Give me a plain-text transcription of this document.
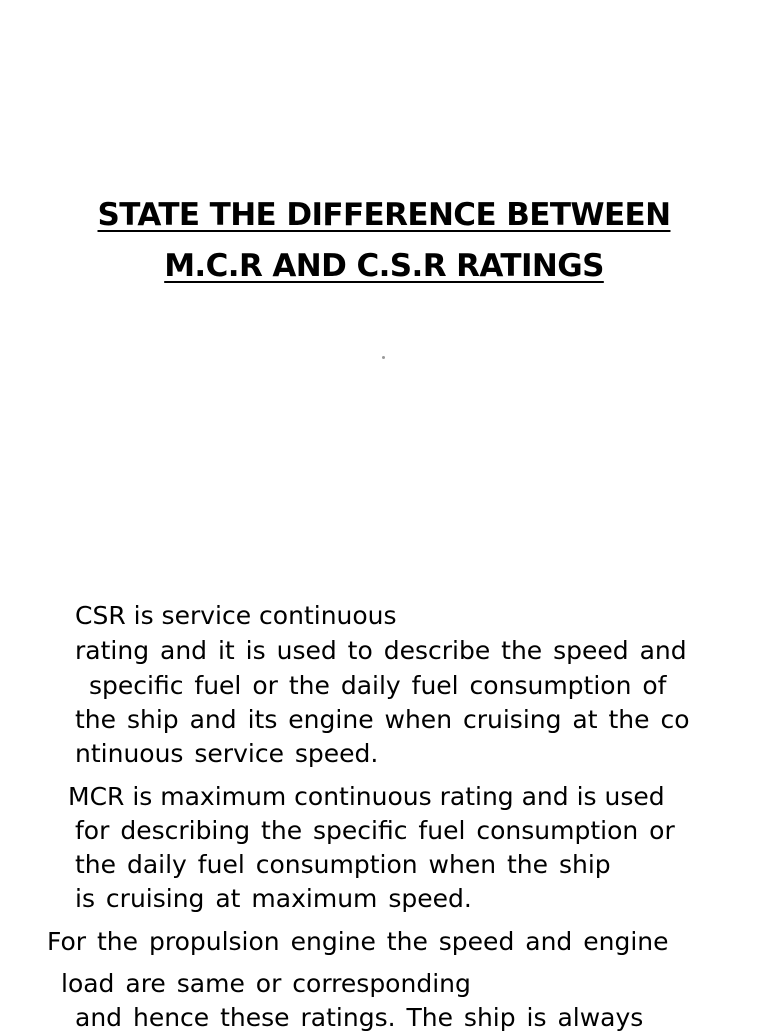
STATE THE DIFFERENCE BETWEEN
M.C.R AND C.S.R RATINGS
CSR is service continuous
rating and it is used to describe the speed and
specific fuel or the daily fuel consumption of
the ship and its engine when cruising at the co
ntinuous service speed.
MCR is maximum continuous rating and is used
for describing the specific fuel consumption or
the daily fuel consumption when the ship
is cruising at maximum speed.
For the propulsion engine the speed and engine
load are same or corresponding
and hence these ratings. The ship is always
